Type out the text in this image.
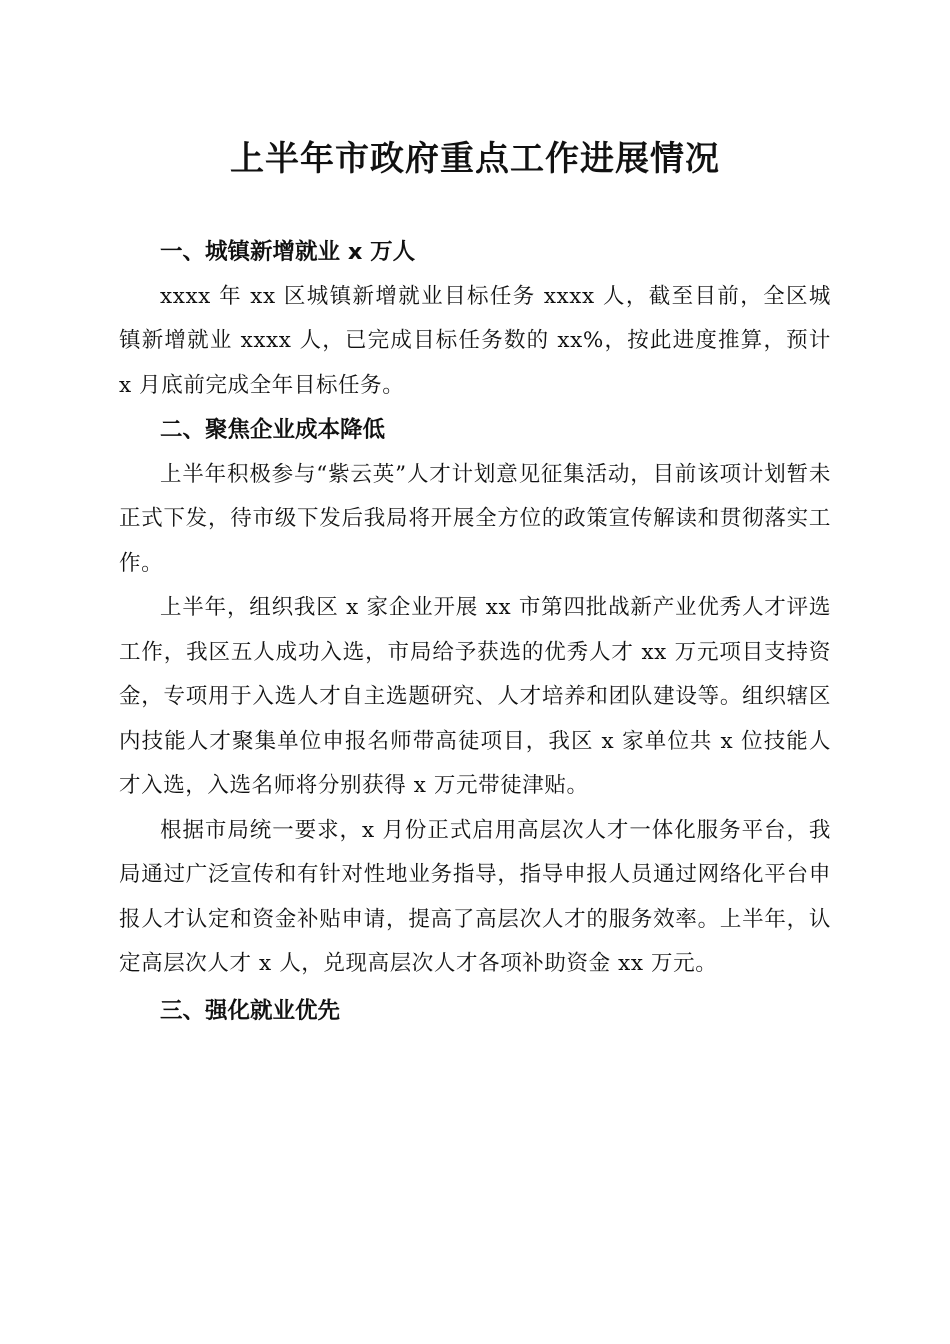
上半年市政府重点工作进展情况
一、城镇新增就业 x 万人

xxxx 年 xx 区城镇新增就业目标任务 xxxx 人，截至目前，全区城镇新增就业 xxxx 人，已完成目标任务数的 xx%，按此进度推算，预计 x 月底前完成全年目标任务。

二、聚焦企业成本降低

上半年积极参与“紫云英”人才计划意见征集活动，目前该项计划暂未正式下发，待市级下发后我局将开展全方位的政策宣传解读和贯彻落实工作。

上半年，组织我区 x 家企业开展 xx 市第四批战新产业优秀人才评选工作，我区五人成功入选，市局给予获选的优秀人才 xx 万元项目支持资金，专项用于入选人才自主选题研究、人才培养和团队建设等。组织辖区内技能人才聚集单位申报名师带高徒项目，我区 x 家单位共 x 位技能人才入选，入选名师将分别获得 x 万元带徒津贴。

根据市局统一要求，x 月份正式启用高层次人才一体化服务平台，我局通过广泛宣传和有针对性地业务指导，指导申报人员通过网络化平台申报人才认定和资金补贴申请，提高了高层次人才的服务效率。上半年，认定高层次人才 x 人，兑现高层次人才各项补助资金 xx 万元。

三、强化就业优先
